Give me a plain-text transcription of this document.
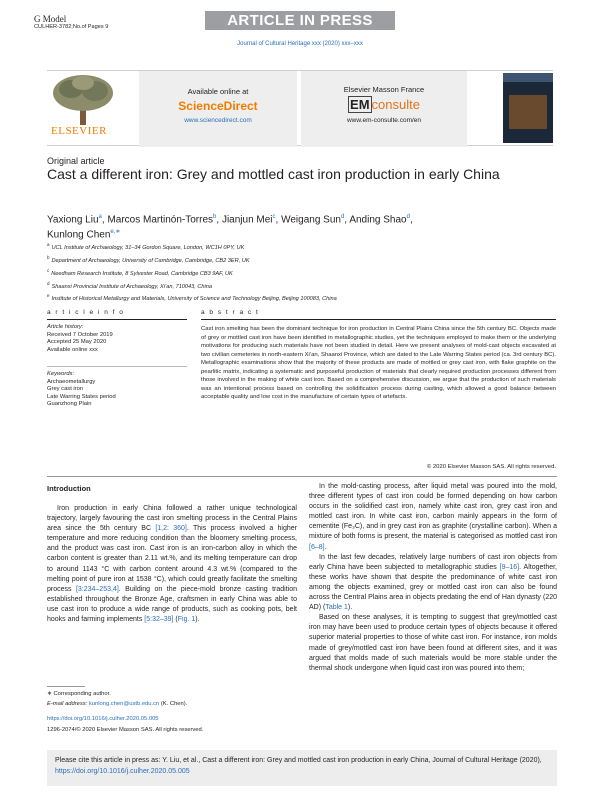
G Model
CULHER-3782;No.of Pages 9	ARTICLE IN PRESS
Journal of Cultural Heritage xxx (2020) xxx–xxx
ELSEVIER
Available online at
ScienceDirect
www.sciencedirect.com
Elsevier Masson France
EM consulte
www.em-consulte.com/en
Original article
Cast a different iron: Grey and mottled cast iron production in early China
Yaxiong Liu$^a$, Marcos Martinón-Torres$^b$, Jianjun Mei$^c$, Weigang Sun$^d$, Anding Shao$^d$,
Kunlong Chen$^{e,∗}$
$^a$UCL Institute of Archaeology, 31–34 Gordon Square, London, WC1H 0PY, UK
$^b$Department of Archaeology, University of Cambridge, Cambridge, CB2 3ER, UK
$^c$Needham Research Institute, 8 Sylvester Road, Cambridge CB3 9AF, UK
$^d$Shaanxi Provincial Institute of Archaeology, Xi’an, 710043, China
$^e$Institute of Historical Metallurgy and Materials, University of Science and Technology Beijing, Beijing 100083, China
a r t i c l e i n f o
Article history:
Received 7 October 2019
Accepted 25 May 2020
Available online xxx
Keywords:
Archaeometallurgy
Grey cast iron
Late Warring States period
Guanzhong Plain
a b s t r a c t
Cast iron smelting has been the dominant technique for iron production in Central Plains China since the 5th century BC. Objects made of grey or mottled cast iron have been identified in metallographic studies, yet the techniques employed to make them or the underlying motivations for producing such materials have not been studied in detail. Here we present analyses of mold-cast objects excavated at two civilian cemeteries in north-eastern Xi’an, Shaanxi Province, which are dated to the Late Warring States period (ca. 3rd century BC). Metallographic examinations show that the majority of these products are made of mottled or grey cast iron, with flake graphite on the pearlitic matrix, indicating a systematic and purposeful production of materials that clearly required production processes different from those involved in the making of white cast iron. Based on a comprehensive discussion, we argue that the production of such materials was an intentional process based on controlling the solidification process during casting, which allowed a good balance between acceptable quality and low cost in the manufacture of certain types of artefacts.
© 2020 Elsevier Masson SAS. All rights reserved.
Introduction

Iron production in early China followed a rather unique technological trajectory, largely favouring the cast iron smelting process in the Central Plains area since the 5th century BC [1,2: 360]. This process involved a higher temperature and more reducing condition than the bloomery smelting process, and the product was cast iron. Cast iron is an iron-carbon alloy in which the carbon content is greater than 2.11 wt.%, and its melting temperature can drop to around 1143 °C with carbon content around 4.3 wt.% (compared to the melting point of pure iron at 1538 °C), which could greatly facilitate the smelting process [3:234–253,4]. Building on the piece-mold bronze casting tradition established throughout the Bronze Age, craftsmen in early China was able to use cast iron to produce a wide range of products, such as cooking pots, belt hooks and farming implements [5:32–39] (Fig. 1).

In the mold-casting process, after liquid metal was poured into the mold, three different types of cast iron could be formed depending on how carbon occurs in the solidified cast iron, namely white cast iron, grey cast iron and mottled cast iron. In white cast iron, carbon mainly appears in the form of cementite (Fe₃C), and in grey cast iron as graphite (crystalline carbon). When a mixture of both forms is present, the material is categorised as mottled cast iron [6–8].

In the last few decades, relatively large numbers of cast iron objects from early China have been subjected to metallographic studies [9–16]. Altogether, these works have shown that despite the predominance of white cast iron among the objects examined, grey or mottled cast iron can also be found across the Central Plains area in objects predating the end of Han dynasty (220 AD) (Table 1).

Based on these analyses, it is tempting to suggest that grey/mottled cast iron may have been used to produce certain types of objects because it offered superior material properties to those of white cast iron. For instance, iron molds made of grey/mottled cast iron have been found at different sites, and it was argued that molds made of such materials would be more stable under the thermal shock undergone when liquid cast iron was poured into them;

∗ Corresponding author.
E-mail address: kunlong.chen@ustb.edu.cn (K. Chen).
https://doi.org/10.1016/j.culher.2020.05.005
1296-2074/© 2020 Elsevier Masson SAS. All rights reserved.
Please cite this article in press as: Y. Liu, et al., Cast a different iron: Grey and mottled cast iron production in early China, Journal of Cultural Heritage (2020), https://doi.org/10.1016/j.culher.2020.05.005
